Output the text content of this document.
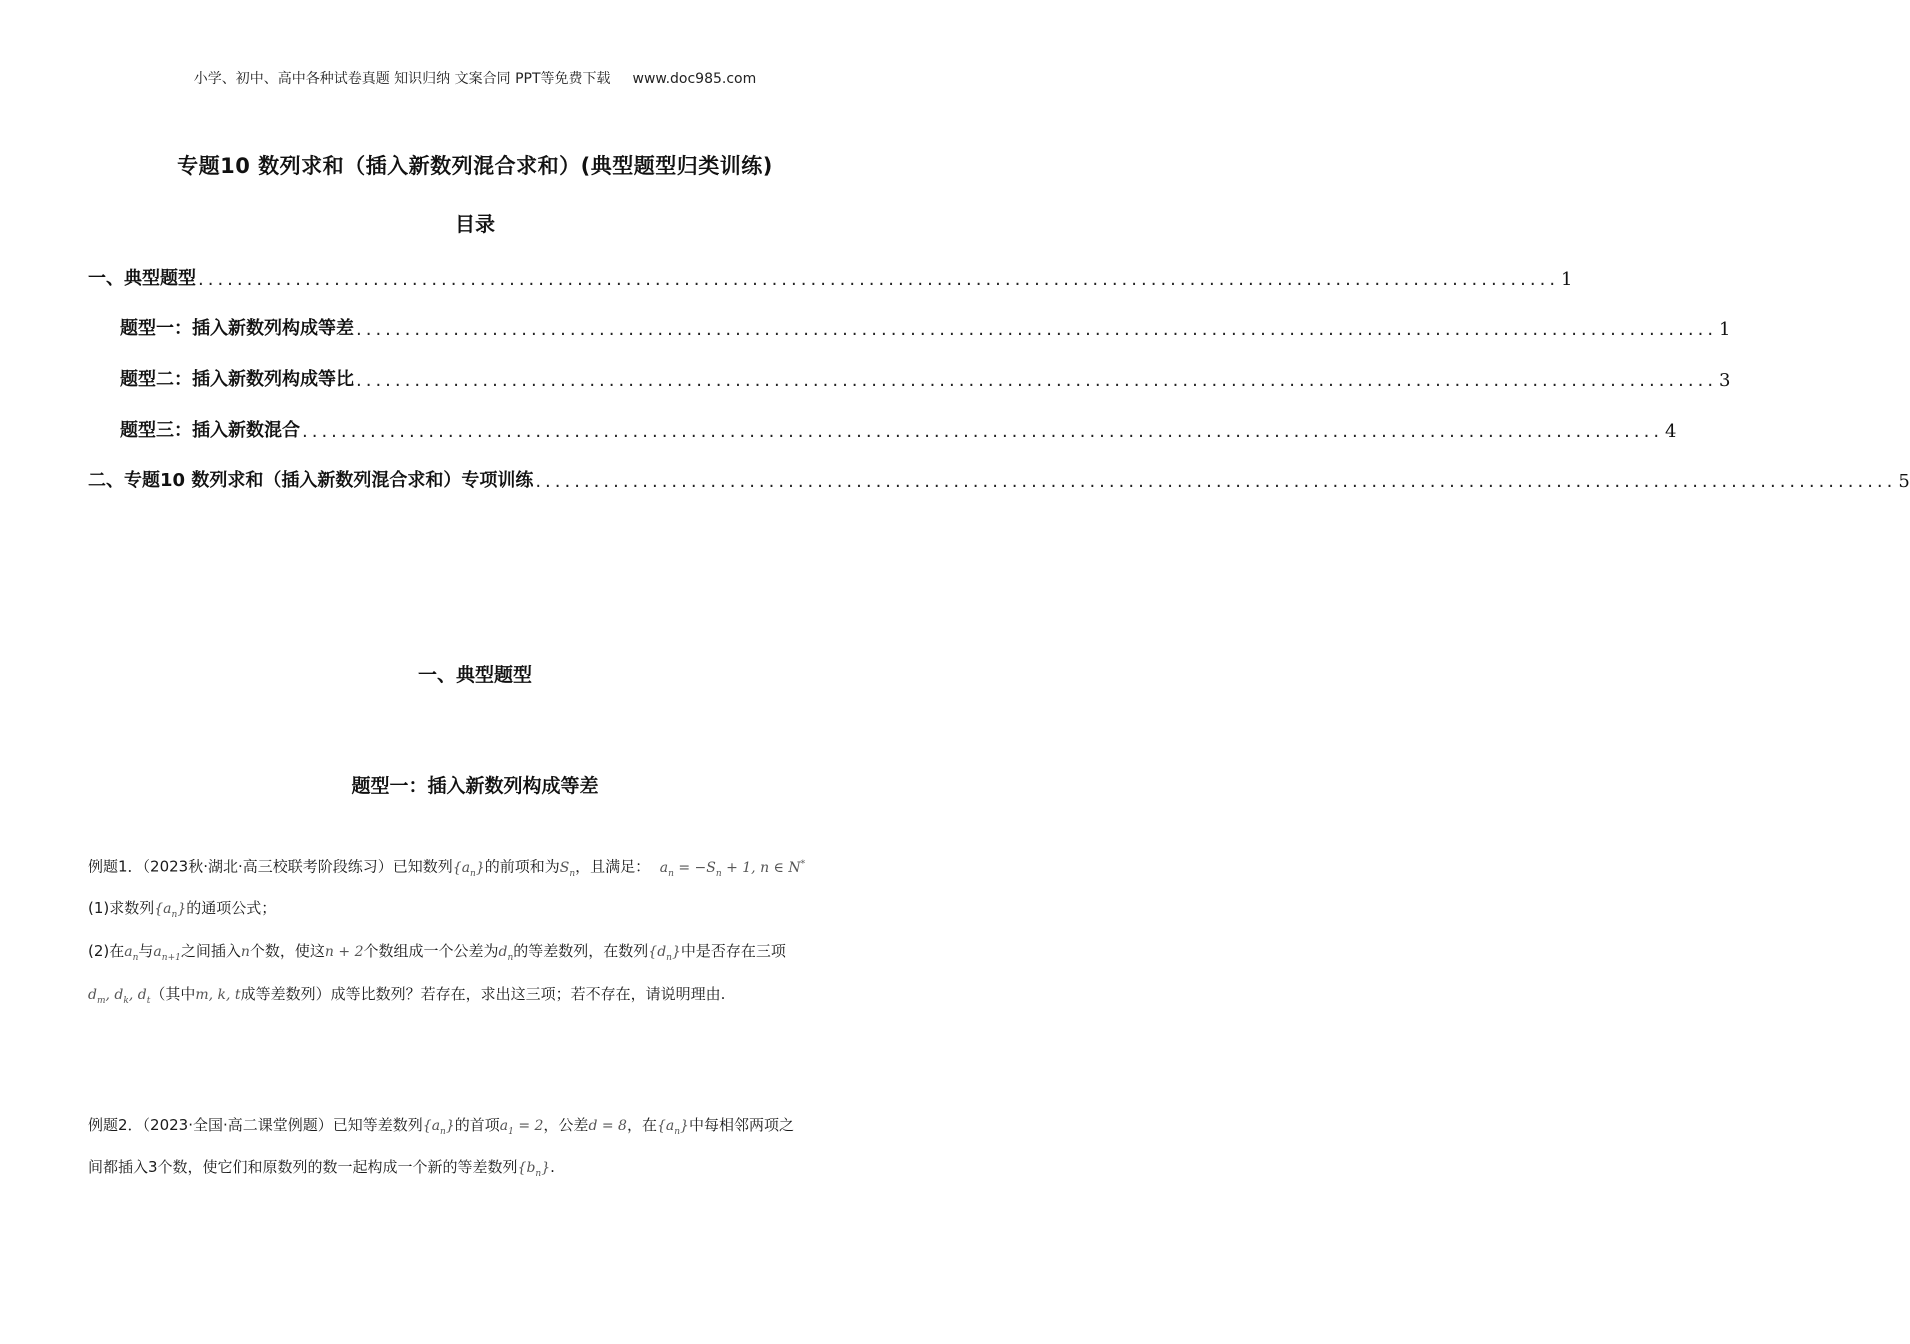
小学、初中、高中各种试卷真题 知识归纳 文案合同 PPT等免费下载 www.doc985.com
专题10 数列求和（插入新数列混合求和）(典型题型归类训练)
目录
一、典型题型 ............................................................................................................................................ 1
题型一：插入新数列构成等差 ............................................................................................................................................ 1
题型二：插入新数列构成等比 ............................................................................................................................................ 3
题型三：插入新数混合 ............................................................................................................................................ 4
二、专题10 数列求和（插入新数列混合求和）专项训练 ............................................................................................................................................ 5
一、典型题型
题型一：插入新数列构成等差
例题1．（2023秋·湖北·高三校联考阶段练习）已知数列$\{a_n\}$的前项和为$S_n$，且满足： $a_n = -S_n + 1$, n ∈ N*
(1)求数列$\{a_n\}$的通项公式；
(2)在$a_n$与$a_{n+1}$之间插入n个数，使这n + 2个数组成一个公差为$d_n$的等差数列，在数列$\{d_n\}$中是否存在三项
$d_m$, $d_k$, $d_t$（其中m, k, t成等差数列）成等比数列？若存在，求出这三项；若不存在，请说明理由.
例题2．（2023·全国·高二课堂例题）已知等差数列$\{a_n\}$的首项$a_1 = 2$，公差d = 8，在$\{a_n\}$中每相邻两项之
间都插入3个数，使它们和原数列的数一起构成一个新的等差数列$\{b_n\}$.
